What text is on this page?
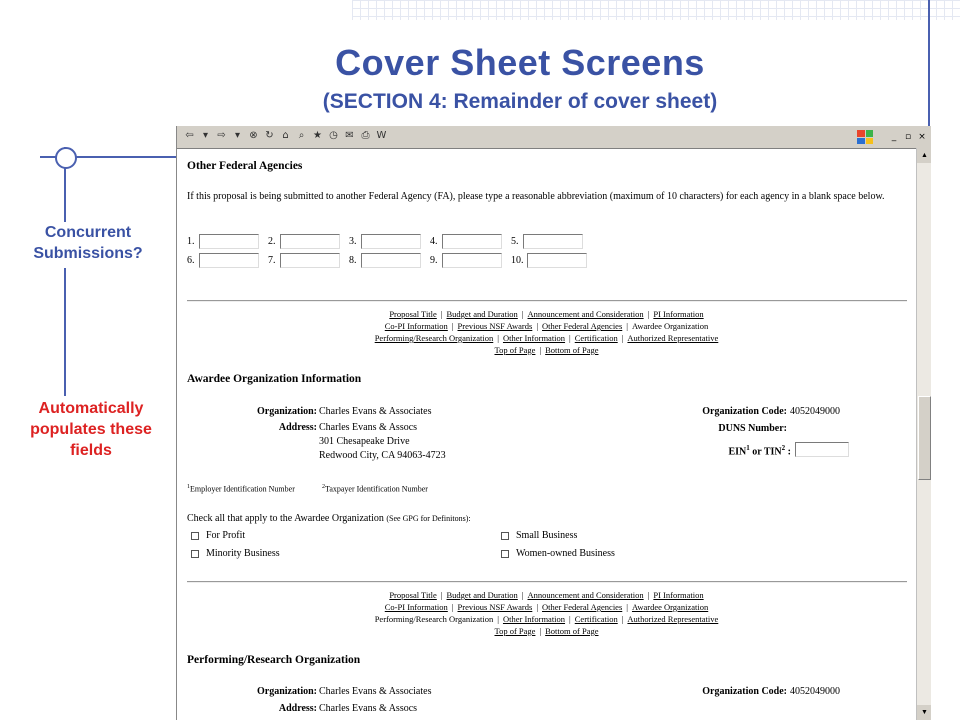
Cover Sheet Screens
(SECTION 4: Remainder of cover sheet)
Concurrent Submissions?
Automatically populates these fields
⇦ ▾ ⇨ ▾ ⊗ ↻ ⌂	⌕ ★ ◷ ✉ ⎙ W	_ ▫ ×
▲
▼
Other Federal Agencies
If this proposal is being submitted to another Federal Agency (FA), please type a reasonable abbreviation (maximum of 10 characters) for each agency in a blank space below.
1.	2.	3.	4.	5.
6.	7.	8.	9.	10.
Proposal Title | Budget and Duration | Announcement and Consideration | PI Information
Co-PI Information | Previous NSF Awards | Other Federal Agencies | Awardee Organization
Performing/Research Organization | Other Information | Certification | Authorized Representative
Top of Page | Bottom of Page
Awardee Organization Information
Organization: Charles Evans & Associates
Address: Charles Evans & Assocs
301 Chesapeake Drive
Redwood City, CA 94063-4723
Organization Code: 4052049000
DUNS Number:
EIN$^1$ or TIN$^2$ :
$^1$Employer Identification Number	$^2$Taxpayer Identification Number
Check all that apply to the Awardee Organization (See GPG for Definitons):
For Profit	Small Business
Minority Business	Women-owned Business
Proposal Title | Budget and Duration | Announcement and Consideration | PI Information
Co-PI Information | Previous NSF Awards | Other Federal Agencies | Awardee Organization
Performing/Research Organization | Other Information | Certification | Authorized Representative
Top of Page | Bottom of Page
Performing/Research Organization
Organization: Charles Evans & Associates
Address: Charles Evans & Assocs
Organization Code: 4052049000
